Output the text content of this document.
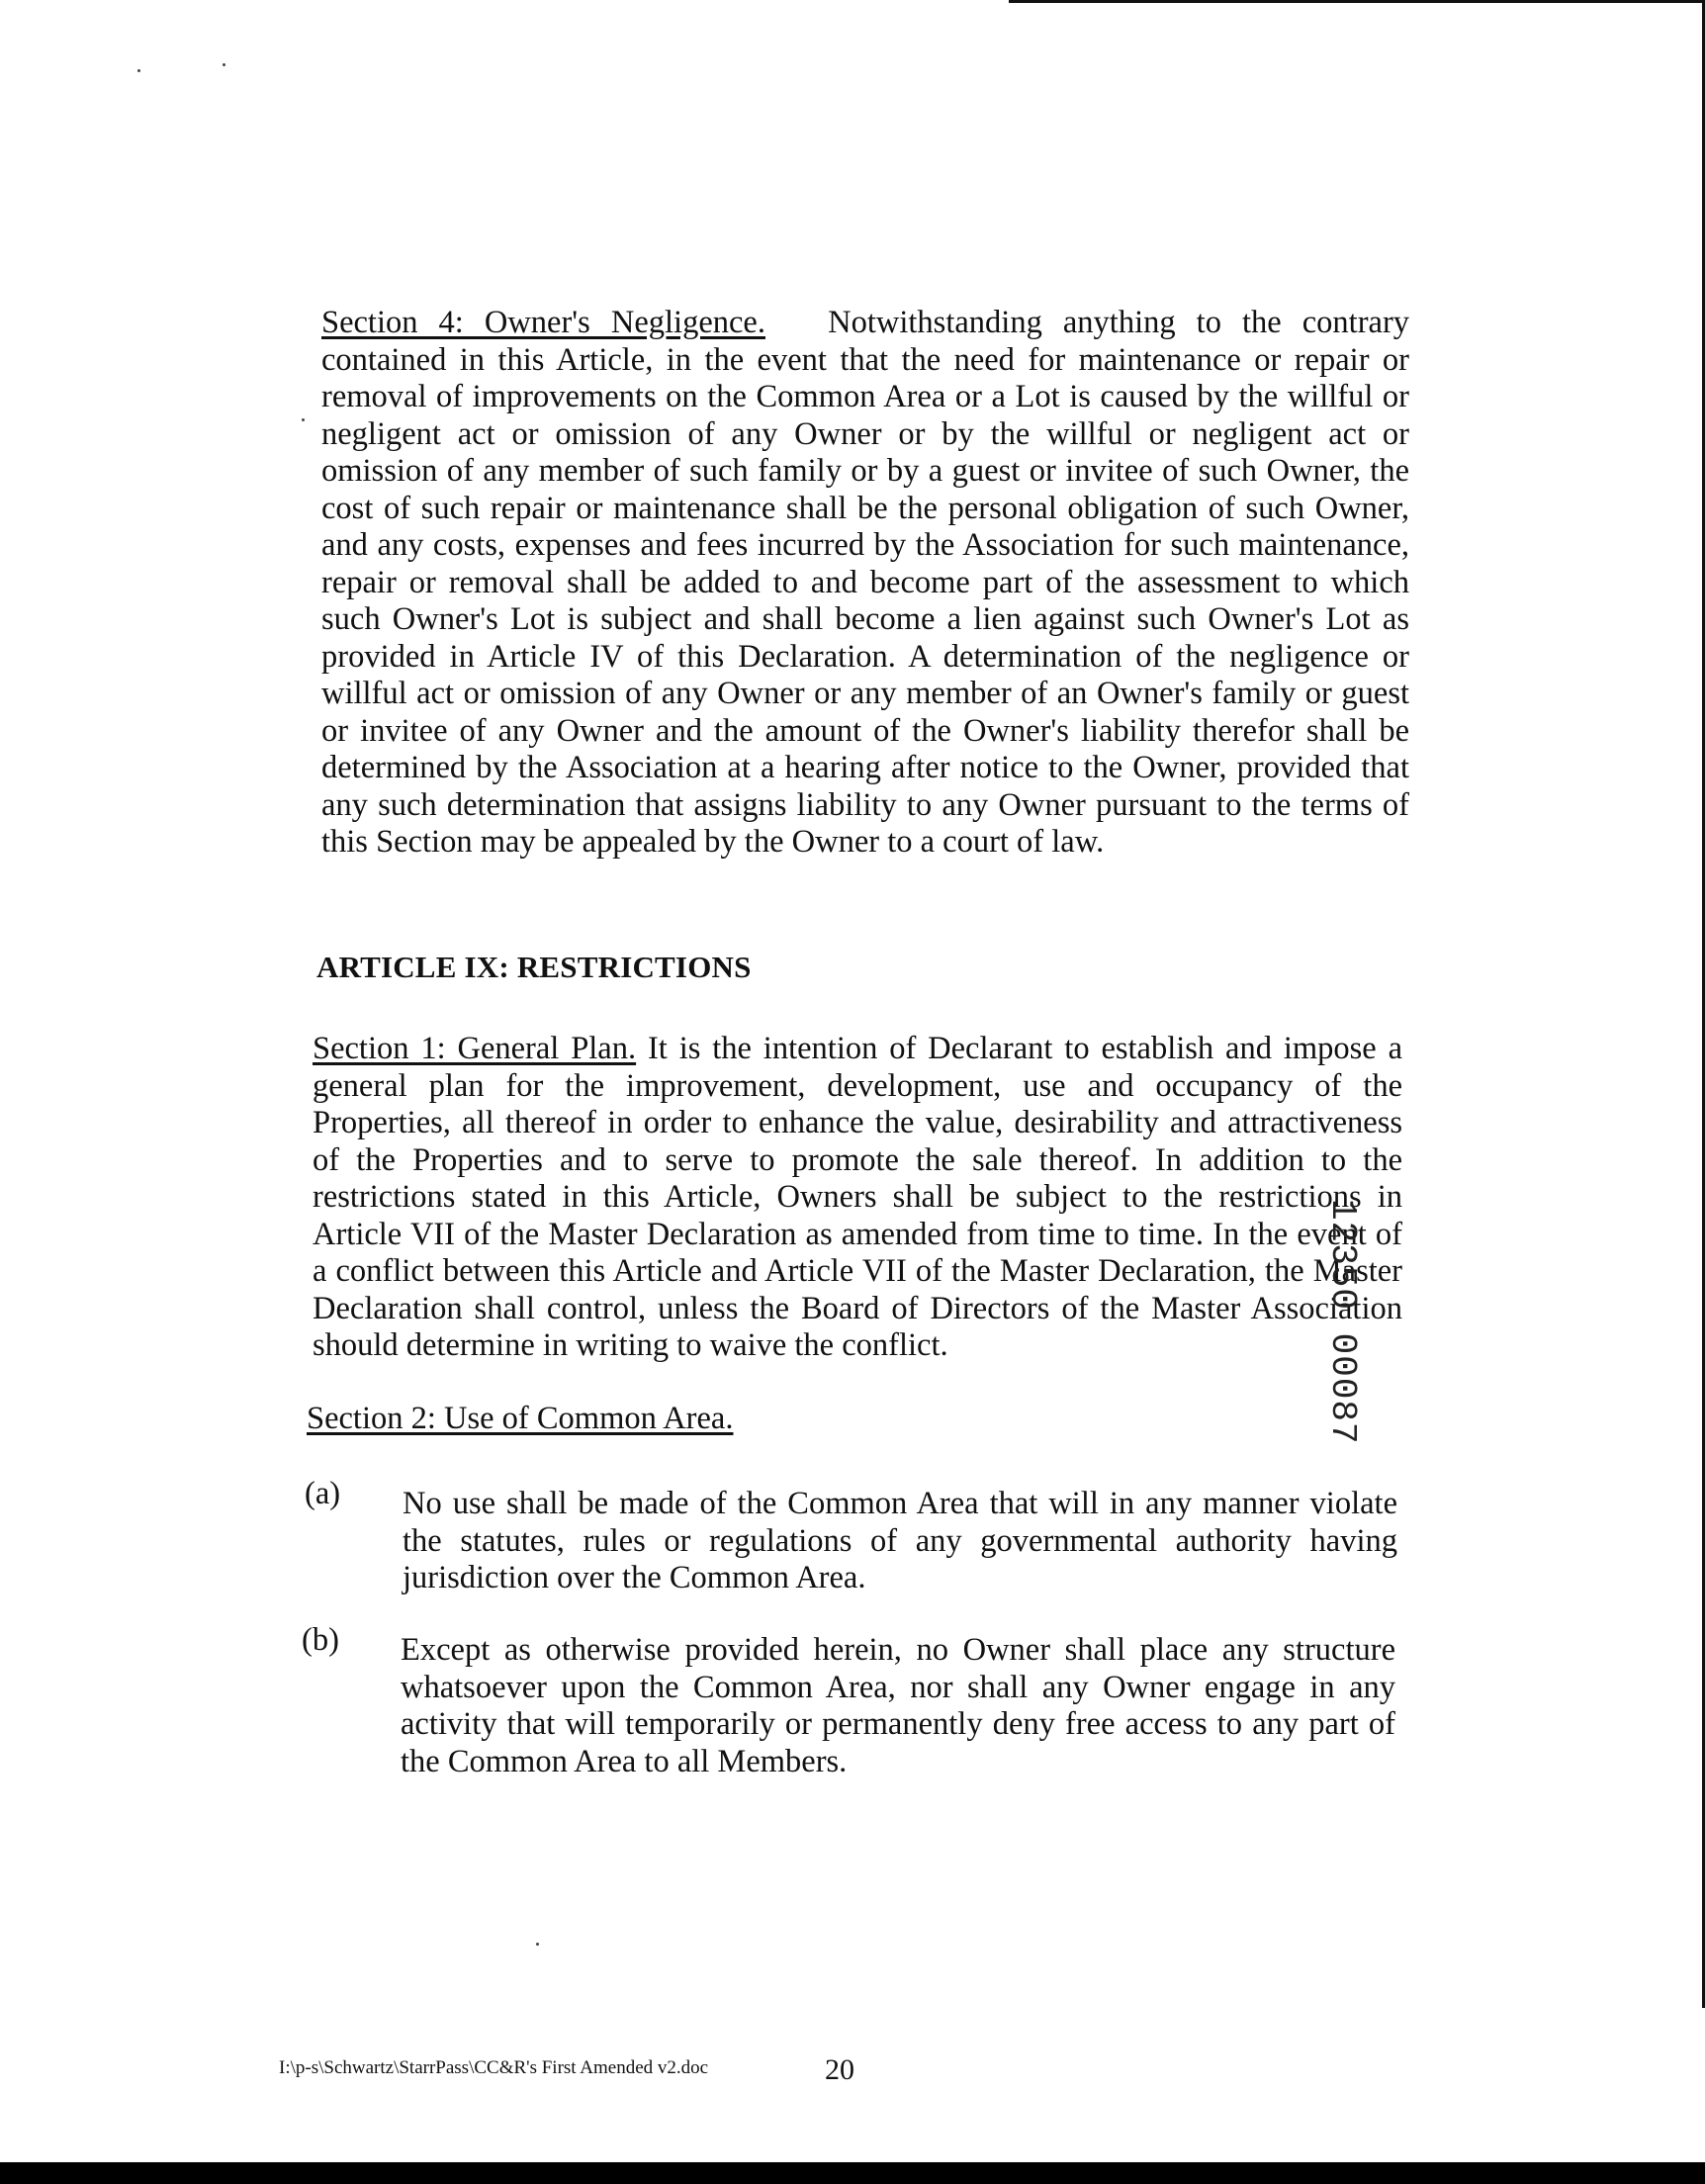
Section 4: Owner's Negligence. Notwithstanding anything to the contrary contained in this Article, in the event that the need for maintenance or repair or removal of improvements on the Common Area or a Lot is caused by the willful or negligent act or omission of any Owner or by the willful or negligent act or omission of any member of such family or by a guest or invitee of such Owner, the cost of such repair or maintenance shall be the personal obligation of such Owner, and any costs, expenses and fees incurred by the Association for such maintenance, repair or removal shall be added to and become part of the assessment to which such Owner's Lot is subject and shall become a lien against such Owner's Lot as provided in Article IV of this Declaration. A determination of the negligence or willful act or omission of any Owner or any member of an Owner's family or guest or invitee of any Owner and the amount of the Owner's liability therefor shall be determined by the Association at a hearing after notice to the Owner, provided that any such determination that assigns liability to any Owner pursuant to the terms of this Section may be appealed by the Owner to a court of law.

ARTICLE IX: RESTRICTIONS

Section 1: General Plan. It is the intention of Declarant to establish and impose a general plan for the improvement, development, use and occupancy of the Properties, all thereof in order to enhance the value, desirability and attractiveness of the Properties and to serve to promote the sale thereof. In addition to the restrictions stated in this Article, Owners shall be subject to the restrictions in Article VII of the Master Declaration as amended from time to time. In the event of a conflict between this Article and Article VII of the Master Declaration, the Master Declaration shall control, unless the Board of Directors of the Master Association should determine in writing to waive the conflict.

Section 2: Use of Common Area.

(a) No use shall be made of the Common Area that will in any manner violate the statutes, rules or regulations of any governmental authority having jurisdiction over the Common Area.

(b) Except as otherwise provided herein, no Owner shall place any structure whatsoever upon the Common Area, nor shall any Owner engage in any activity that will temporarily or permanently deny free access to any part of the Common Area to all Members.

12350 00087
I:\p-s\Schwartz\StarrPass\CC&R's First Amended v2.doc	20
